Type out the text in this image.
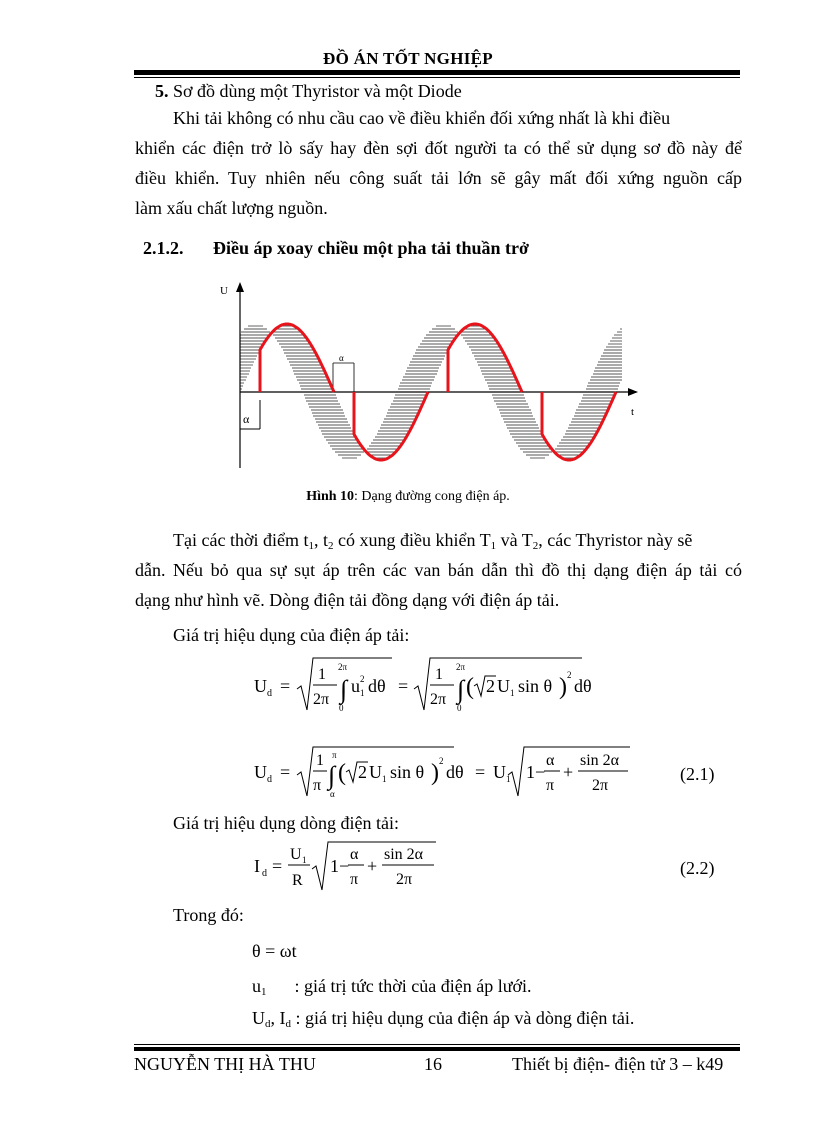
ĐỒ ÁN TỐT NGHIỆP
5. Sơ đồ dùng một Thyristor và một Diode
Khi tải không có nhu cầu cao về điều khiển đối xứng nhất là khi điều
khiển các điện trở lò sấy hay đèn sợi đốt người ta có thể sử dụng sơ đồ này để
điều khiển. Tuy nhiên nếu công suất tải lớn sẽ gây mất đối xứng nguồn cấp
làm xấu chất lượng nguồn.
2.1.2. Điều áp xoay chiều một pha tải thuần trở
U
t
α
α
Hình 10: Dạng đường cong điện áp.
Tại các thời điểm $t_1$, $t_2$ có xung điều khiển $T_1$ và $T_2$, các Thyristor này sẽ
dẫn. Nếu bỏ qua sự sụt áp trên các van bán dẫn thì đồ thị dạng điện áp tải có
dạng như hình vẽ. Dòng điện tải đồng dạng với điện áp tải.
Giá trị hiệu dụng của điện áp tải:
U d =
1
2π
2π
∫
0
u 1
2 dθ =
1
2π
2π
∫
0
( 2 U 1 sin θ ) 2
dθ
U d =
1
π
π
∫
α
( 2 U 1 sin θ ) 2
dθ = U 1 1−
α
π
+
sin 2α
2π
(2.1)
Giá trị hiệu dụng dòng điện tải:
I d =
U 1
R
1−
α
π
+
sin 2α
2π
(2.2)
Trong đó:
θ = ωt
$u_1$ : giá trị tức thời của điện áp lưới.
$U_d$, $I_d$ : giá trị hiệu dụng của điện áp và dòng điện tải.
NGUYỄN THỊ HÀ THU	16	Thiết bị điện- điện tử 3 – k49
